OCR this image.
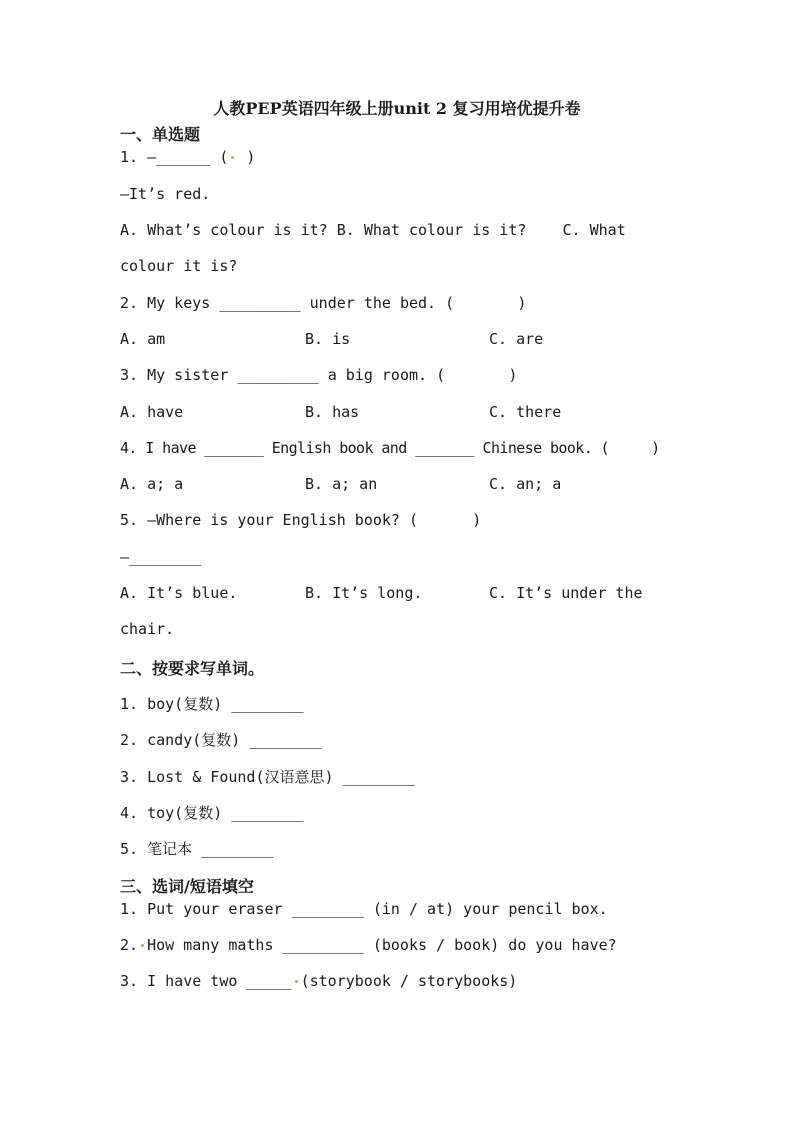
人教PEP英语四年级上册unit 2 复习用培优提升卷
一、单选题
1. —______ ( )
—It’s red.
A. What’s colour is it? B. What colour is it?    C. What
colour it is?
2. My keys _________ under the bed. (       )
A. am	B. is	C. are
3. My sister _________ a big room. (       )
A. have	B. has	C. there
4. I have _______ English book and _______ Chinese book. (     )
A. a; a	B. a; an	C. an; a
5. —Where is your English book? (      )
—________
A. It’s blue.	B. It’s long.	C. It’s under the
chair.
二、按要求写单词。
1. boy(复数) ________
2. candy(复数) ________
3. Lost & Found(汉语意思) ________
4. toy(复数) ________
5. 笔记本 ________
三、选词/短语填空
1. Put your eraser ________ (in / at) your pencil box.
2. How many maths _________ (books / book) do you have?
3. I have two _____ (storybook / storybooks)
